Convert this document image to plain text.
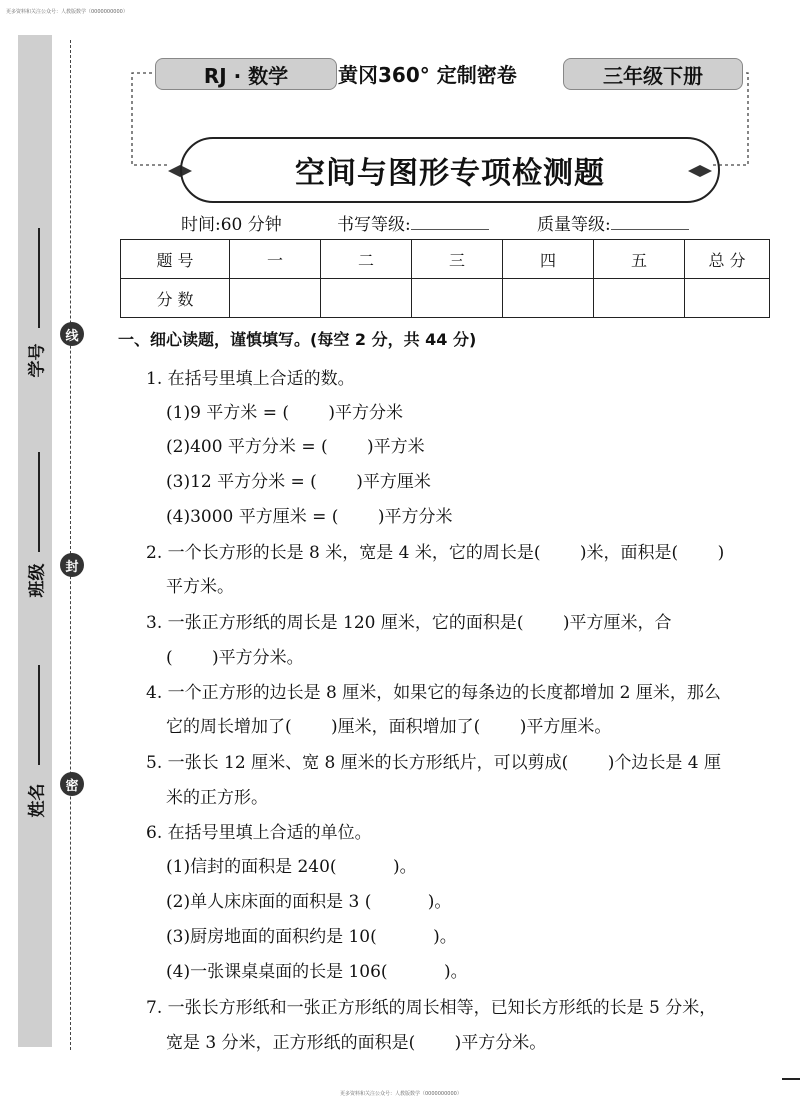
更多资料和关注公众号：人教版数学（0000000000）
更多资料和关注公众号：人教版数学（0000000000）
线
封
密
学号
班级
姓名
RJ · 数学	黄冈360° 定制密卷	三年级下册
空间与图形专项检测题
时间:60 分钟	书写等级:	质量等级:
题 号	一	二	三	四	五	总 分
分 数						
一、细心读题，谨慎填写。(每空 2 分，共 44 分)
1. 在括号里填上合适的数。
(1)9 平方米 = (　　 )平方分米
(2)400 平方分米 = (　　 )平方米
(3)12 平方分米 = (　　 )平方厘米
(4)3000 平方厘米 = (　　 )平方分米
2. 一个长方形的长是 8 米，宽是 4 米，它的周长是(　　 )米，面积是(　　 )
平方米。
3. 一张正方形纸的周长是 120 厘米，它的面积是(　　 )平方厘米，合
(　　 )平方分米。
4. 一个正方形的边长是 8 厘米，如果它的每条边的长度都增加 2 厘米，那么
它的周长增加了(　　 )厘米，面积增加了(　　 )平方厘米。
5. 一张长 12 厘米、宽 8 厘米的长方形纸片，可以剪成(　　 )个边长是 4 厘
米的正方形。
6. 在括号里填上合适的单位。
(1)信封的面积是 240(　　　 )。
(2)单人床床面的面积是 3 (　　　 )。
(3)厨房地面的面积约是 10(　　　 )。
(4)一张课桌桌面的长是 106(　　　 )。
7. 一张长方形纸和一张正方形纸的周长相等，已知长方形纸的长是 5 分米，
宽是 3 分米，正方形纸的面积是(　　 )平方分米。
